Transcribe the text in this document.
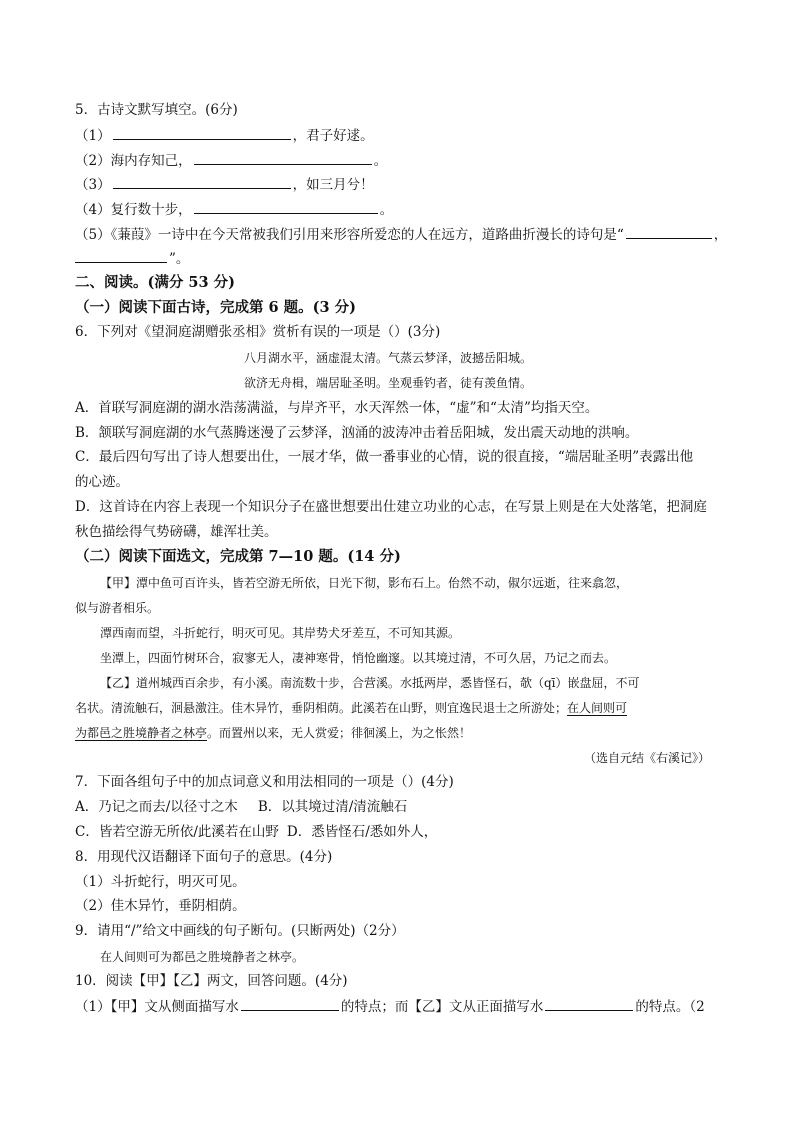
5．古诗文默写填空。(6分)
（1）	，君子好逑。
（2）海内存知己，	。
（3）	，如三月兮！
（4）复行数十步，	。
（5）《蒹葭》一诗中在今天常被我们引用来形容所爱恋的人在远方，道路曲折漫长的诗句是“	，
”。
二、阅读。(满分 53 分)
（一）阅读下面古诗，完成第 6 题。(3 分)
6．下列对《望洞庭湖赠张丞相》赏析有误的一项是（）(3分)
八月湖水平，涵虚混太清。气蒸云梦泽，波撼岳阳城。
欲济无舟楫，端居耻圣明。坐观垂钓者，徒有羡鱼情。
A．首联写洞庭湖的湖水浩荡满溢，与岸齐平，水天浑然一体，“虚”和“太清”均指天空。
B．颔联写洞庭湖的水气蒸腾迷漫了云梦泽，汹涌的波涛冲击着岳阳城，发出震天动地的洪响。
C．最后四句写出了诗人想要出仕，一展才华，做一番事业的心情，说的很直接，“端居耻圣明”表露出他
的心迹。
D．这首诗在内容上表现一个知识分子在盛世想要出仕建立功业的心志，在写景上则是在大处落笔，把洞庭
秋色描绘得气势磅礴，雄浑壮美。
（二）阅读下面选文，完成第 7—10 题。(14 分)
【甲】潭中鱼可百许头，皆若空游无所依，日光下彻，影布石上。佁然不动，俶尔远逝，往来翕忽，
似与游者相乐。
潭西南而望，斗折蛇行，明灭可见。其岸势犬牙差互，不可知其源。
坐潭上，四面竹树环合，寂寥无人，凄神寒骨，悄怆幽邃。以其境过清，不可久居，乃记之而去。
【乙】道州城西百余步，有小溪。南流数十步，合营溪。水抵两岸，悉皆怪石，欹（qī）嵌盘屈，不可
名状。清流触石，洄悬激注。佳木异竹，垂阴相荫。此溪若在山野，则宜逸民退士之所游处；在人间则可
为都邑之胜境静者之林亭。而置州以来，无人赏爱；徘徊溪上，为之怅然！
（选自元结《右溪记》）
7．下面各组句子中的加点词意义和用法相同的一项是（）(4分)
A．乃记之而去/以径寸之木 B．以其境过清/清流触石
C．皆若空游无所依/此溪若在山野 D．悉皆怪石/悉如外人，
8．用现代汉语翻译下面句子的意思。(4分)
（1）斗折蛇行，明灭可见。
（2）佳木异竹，垂阴相荫。
9．请用“/”给文中画线的句子断句。(只断两处)（2分）
在人间则可为都邑之胜境静者之林亭。
10．阅读【甲】【乙】两文，回答问题。(4分)
（1）【甲】文从侧面描写水	的特点；而【乙】文从正面描写水	的特点。（2
